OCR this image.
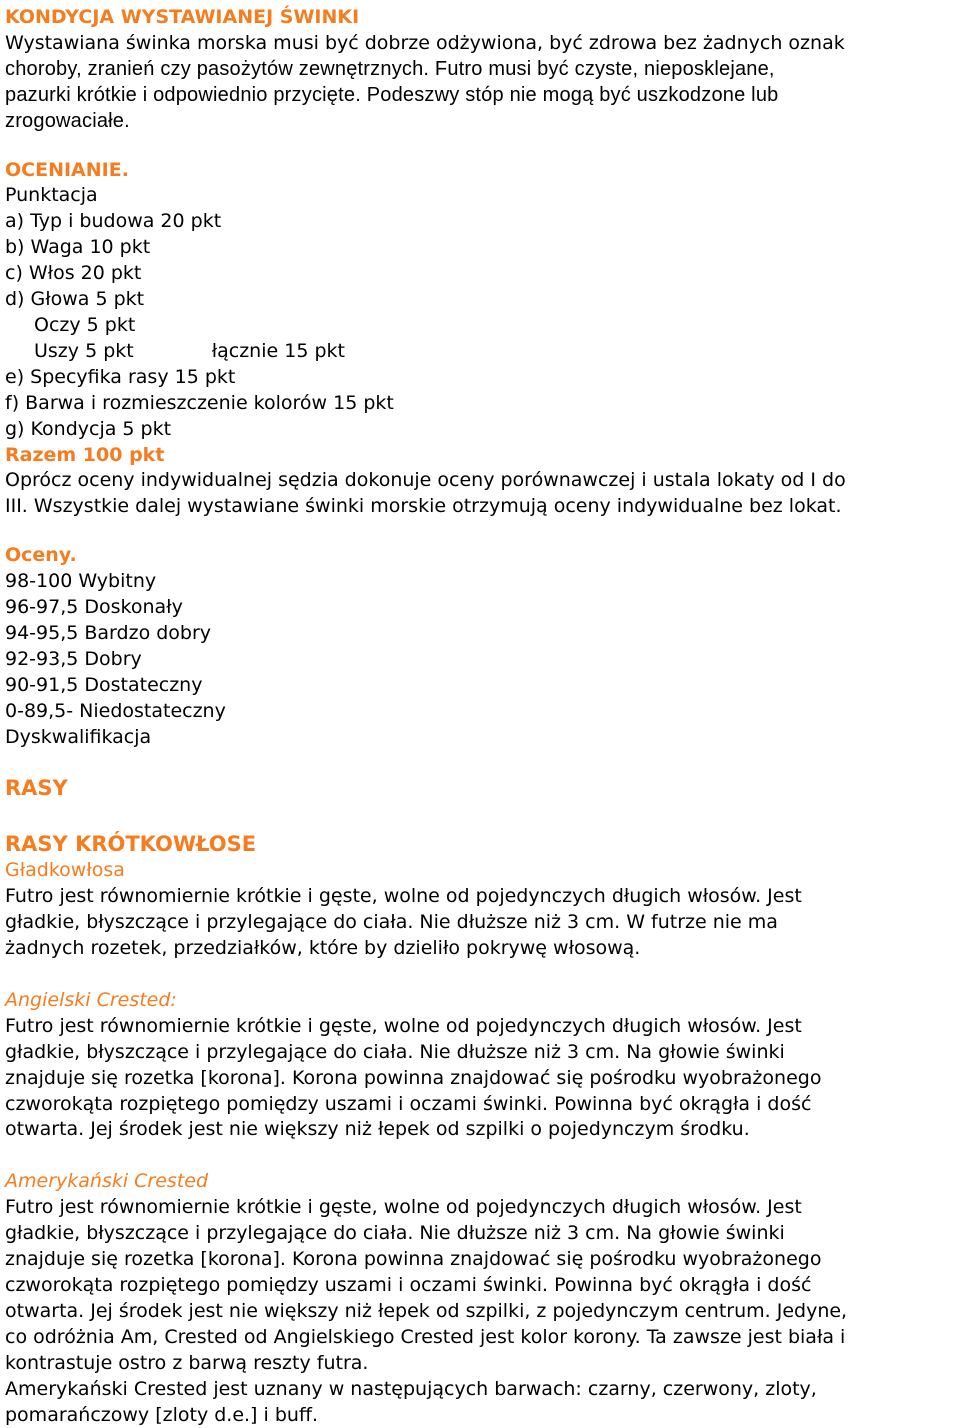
KONDYCJA WYSTAWIANEJ ŚWINKI
Wystawiana świnka morska musi być dobrze odżywiona, być zdrowa bez żadnych oznak
choroby, zranień czy pasożytów zewnętrznych. Futro musi być czyste, nieposklejane,
pazurki krótkie i odpowiednio przycięte. Podeszwy stóp nie mogą być uszkodzone lub
zrogowaciałe.
OCENIANIE.
Punktacja
a) Typ i budowa 20 pkt
b) Waga 10 pkt
c) Włos 20 pkt
d) Głowa 5 pkt
Oczy 5 pkt
Uszy 5 pkt	łącznie 15 pkt
e) Specyfika rasy 15 pkt
f) Barwa i rozmieszczenie kolorów 15 pkt
g) Kondycja 5 pkt
Razem 100 pkt
Oprócz oceny indywidualnej sędzia dokonuje oceny porównawczej i ustala lokaty od I do
III. Wszystkie dalej wystawiane świnki morskie otrzymują oceny indywidualne bez lokat.
Oceny.
98-100 Wybitny
96-97,5 Doskonały
94-95,5 Bardzo dobry
92-93,5 Dobry
90-91,5 Dostateczny
0-89,5- Niedostateczny
Dyskwalifikacja
RASY
RASY KRÓTKOWŁOSE
Gładkowłosa
Futro jest równomiernie krótkie i gęste, wolne od pojedynczych długich włosów. Jest
gładkie, błyszczące i przylegające do ciała. Nie dłuższe niż 3 cm. W futrze nie ma
żadnych rozetek, przedziałków, które by dzieliło pokrywę włosową.
Angielski Crested:
Futro jest równomiernie krótkie i gęste, wolne od pojedynczych długich włosów. Jest
gładkie, błyszczące i przylegające do ciała. Nie dłuższe niż 3 cm. Na głowie świnki
znajduje się rozetka [korona]. Korona powinna znajdować się pośrodku wyobrażonego
czworokąta rozpiętego pomiędzy uszami i oczami świnki. Powinna być okrągła i dość
otwarta. Jej środek jest nie większy niż łepek od szpilki o pojedynczym środku.
Amerykański Crested
Futro jest równomiernie krótkie i gęste, wolne od pojedynczych długich włosów. Jest
gładkie, błyszczące i przylegające do ciała. Nie dłuższe niż 3 cm. Na głowie świnki
znajduje się rozetka [korona]. Korona powinna znajdować się pośrodku wyobrażonego
czworokąta rozpiętego pomiędzy uszami i oczami świnki. Powinna być okrągła i dość
otwarta. Jej środek jest nie większy niż łepek od szpilki, z pojedynczym centrum. Jedyne,
co odróżnia Am, Crested od Angielskiego Crested jest kolor korony. Ta zawsze jest biała i
kontrastuje ostro z barwą reszty futra.
Amerykański Crested jest uznany w następujących barwach: czarny, czerwony, zloty,
pomarańczowy [zloty d.e.] i buff.
